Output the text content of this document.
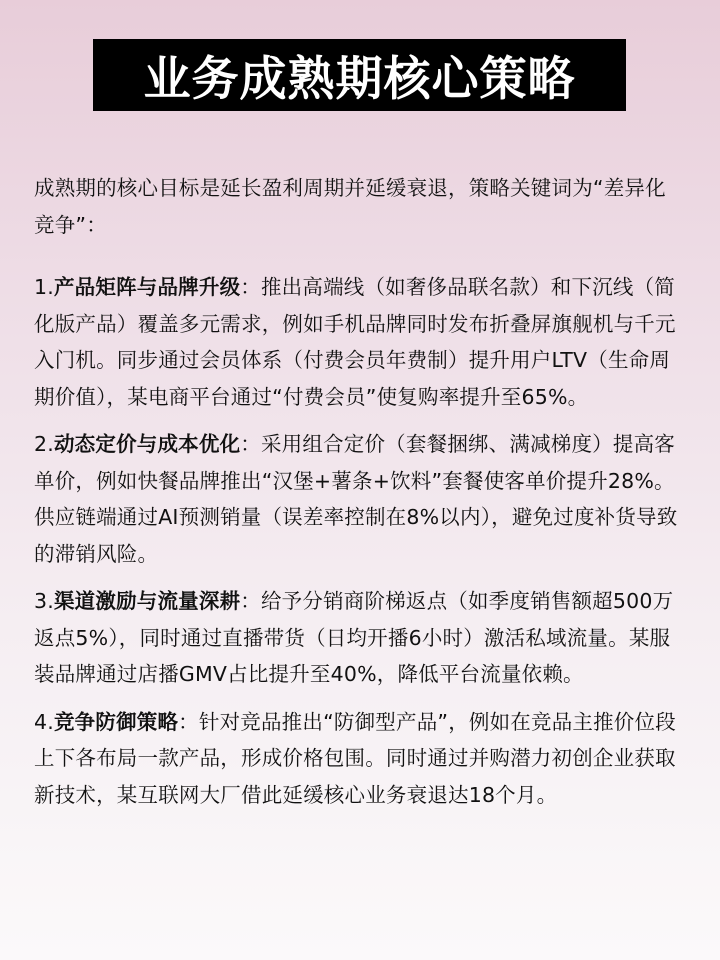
业务成熟期核心策略

成熟期的核心目标是延长盈利周期并延缓衰退，策略关键词为“差异化竞争”：

1.产品矩阵与品牌升级：推出高端线（如奢侈品联名款）和下沉线（简化版产品）覆盖多元需求，例如手机品牌同时发布折叠屏旗舰机与千元入门机。同步通过会员体系（付费会员年费制）提升用户LTV（生命周期价值），某电商平台通过“付费会员”使复购率提升至65%。

2.动态定价与成本优化：采用组合定价（套餐捆绑、满减梯度）提高客单价，例如快餐品牌推出“汉堡+薯条+饮料”套餐使客单价提升28%。供应链端通过AI预测销量（误差率控制在8%以内），避免过度补货导致的滞销风险。

3.渠道激励与流量深耕：给予分销商阶梯返点（如季度销售额超500万返点5%），同时通过直播带货（日均开播6小时）激活私域流量。某服装品牌通过店播GMV占比提升至40%，降低平台流量依赖。

4.竞争防御策略：针对竞品推出“防御型产品”，例如在竞品主推价位段上下各布局一款产品，形成价格包围。同时通过并购潜力初创企业获取新技术，某互联网大厂借此延缓核心业务衰退达18个月。
